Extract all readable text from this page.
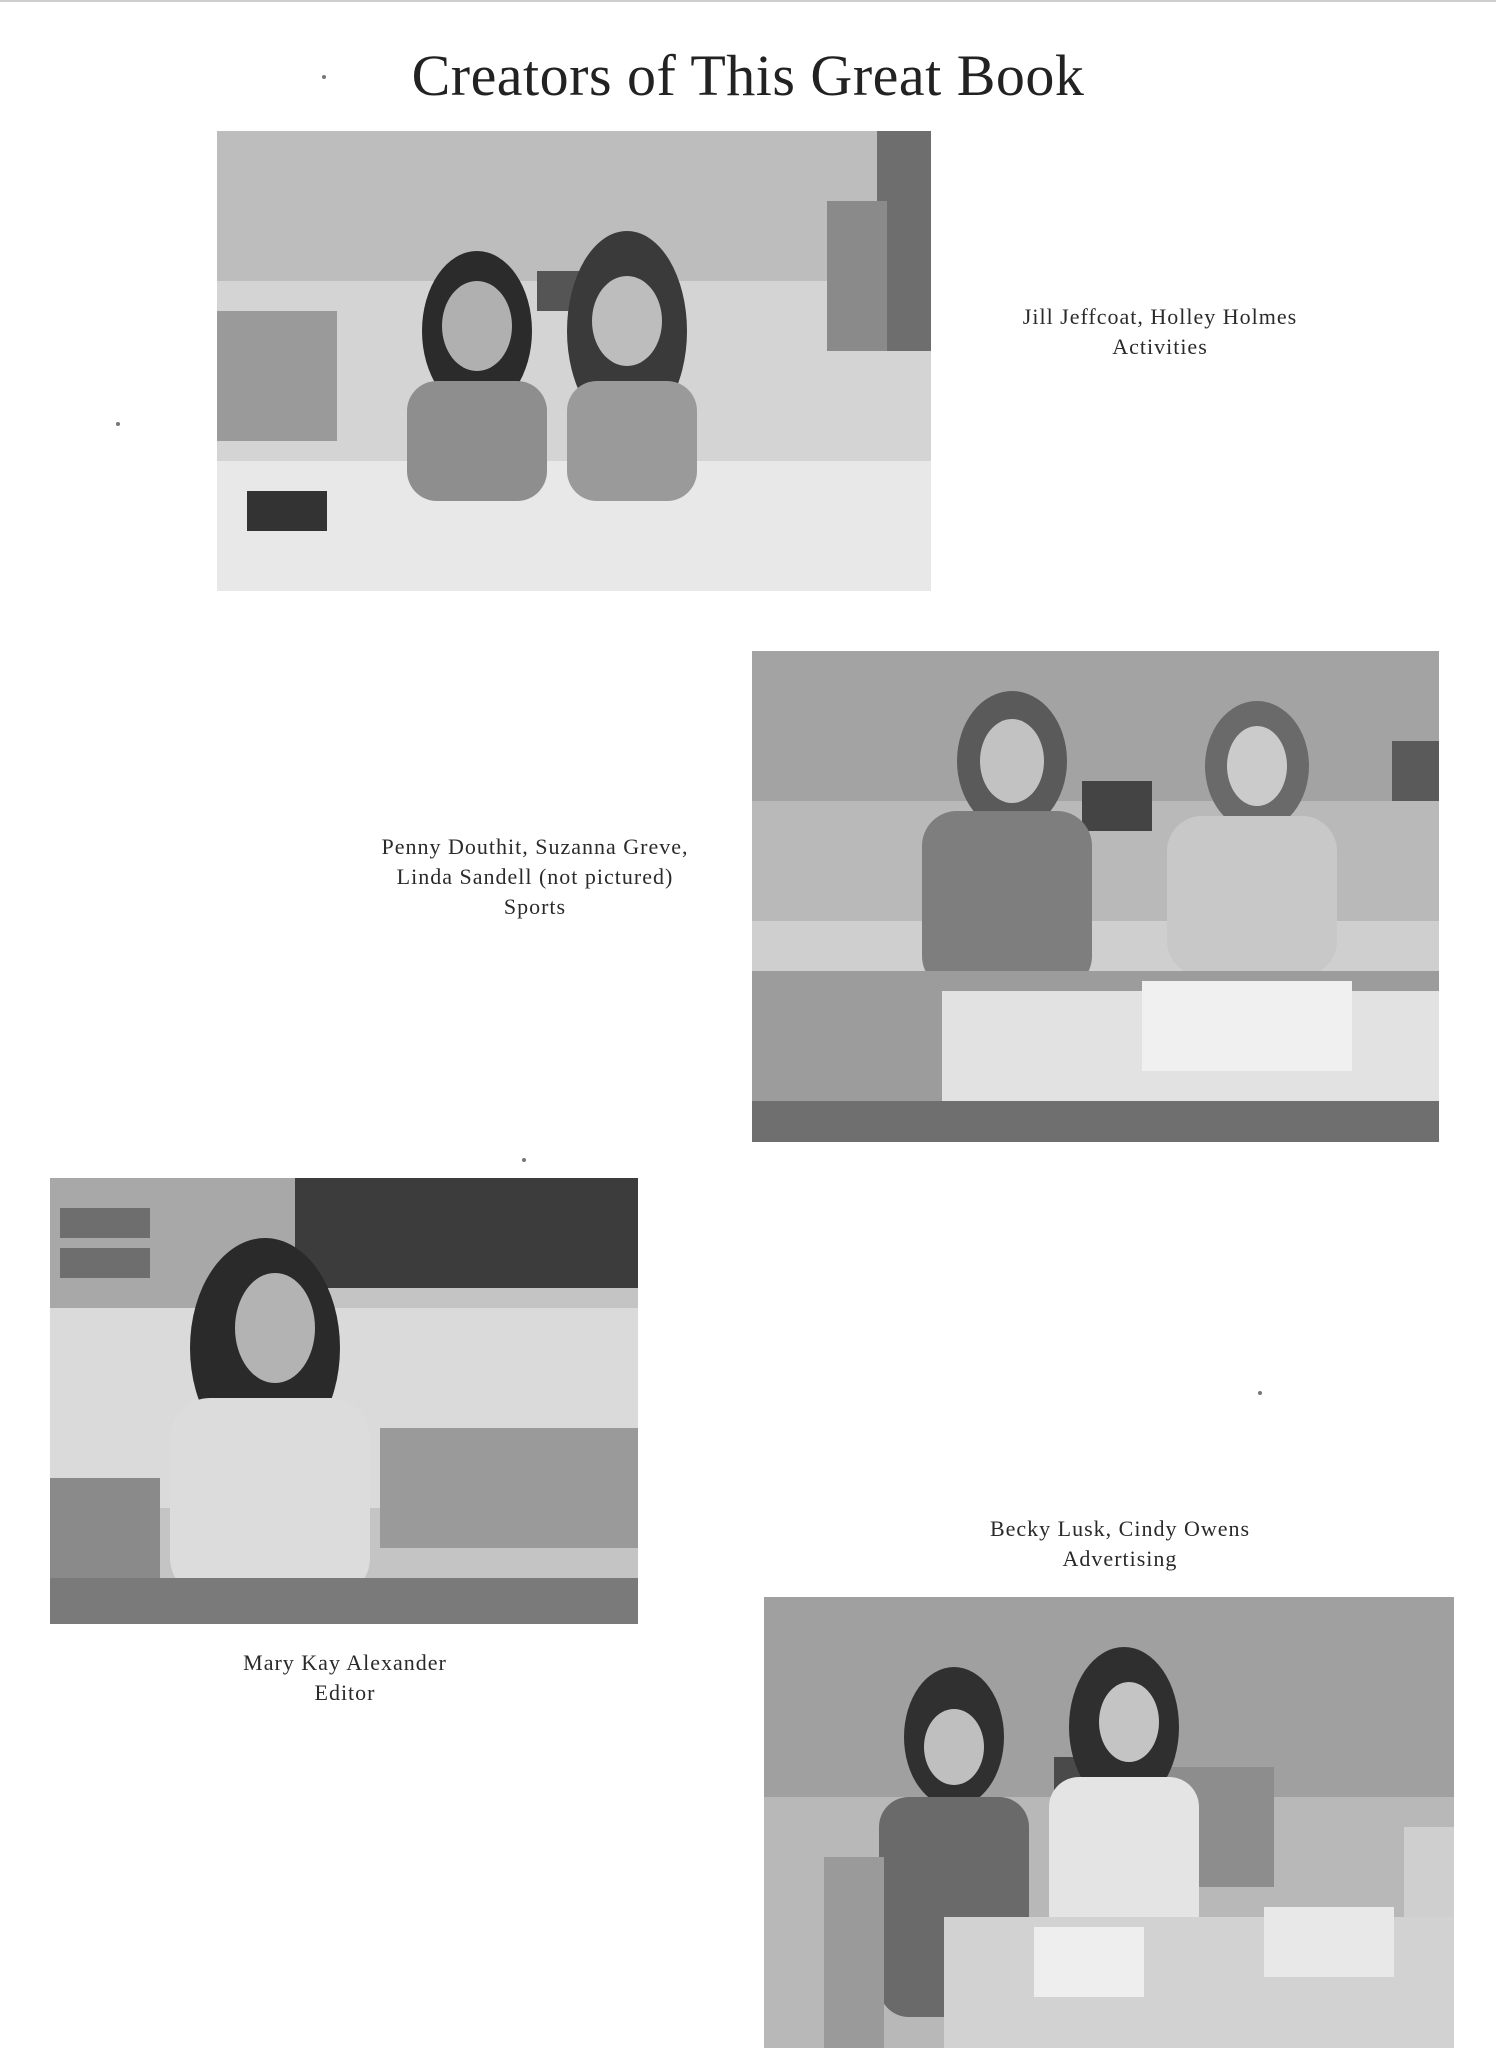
Creators of This Great Book
Jill Jeffcoat, Holley Holmes
Activities
Penny Douthit, Suzanna Greve,
Linda Sandell (not pictured)
Sports
Mary Kay Alexander
Editor
Becky Lusk, Cindy Owens
Advertising
